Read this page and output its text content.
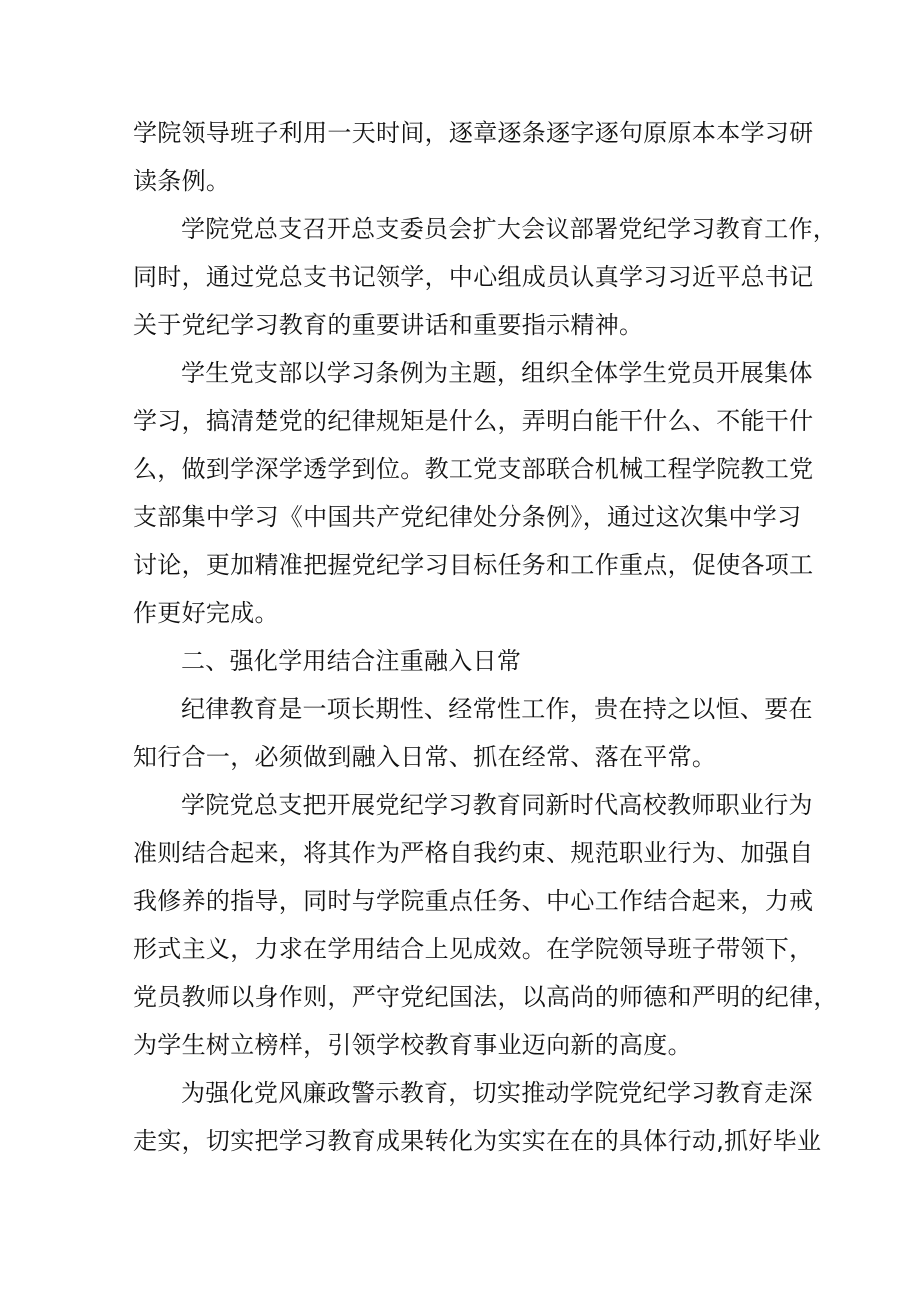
学院领导班子利用一天时间，逐章逐条逐字逐句原原本本学习研

读条例。

学院党总支召开总支委员会扩大会议部署党纪学习教育工作，

同时，通过党总支书记领学，中心组成员认真学习习近平总书记

关于党纪学习教育的重要讲话和重要指示精神。

学生党支部以学习条例为主题，组织全体学生党员开展集体

学习，搞清楚党的纪律规矩是什么，弄明白能干什么、不能干什

么，做到学深学透学到位。教工党支部联合机械工程学院教工党

支部集中学习《中国共产党纪律处分条例》，通过这次集中学习

讨论，更加精准把握党纪学习目标任务和工作重点，促使各项工

作更好完成。

二、强化学用结合注重融入日常

纪律教育是一项长期性、经常性工作，贵在持之以恒、要在

知行合一，必须做到融入日常、抓在经常、落在平常。

学院党总支把开展党纪学习教育同新时代高校教师职业行为

准则结合起来，将其作为严格自我约束、规范职业行为、加强自

我修养的指导，同时与学院重点任务、中心工作结合起来，力戒

形式主义，力求在学用结合上见成效。在学院领导班子带领下，

党员教师以身作则，严守党纪国法，以高尚的师德和严明的纪律，

为学生树立榜样，引领学校教育事业迈向新的高度。

为强化党风廉政警示教育，切实推动学院党纪学习教育走深

走实，切实把学习教育成果转化为实实在在的具体行动,抓好毕业
